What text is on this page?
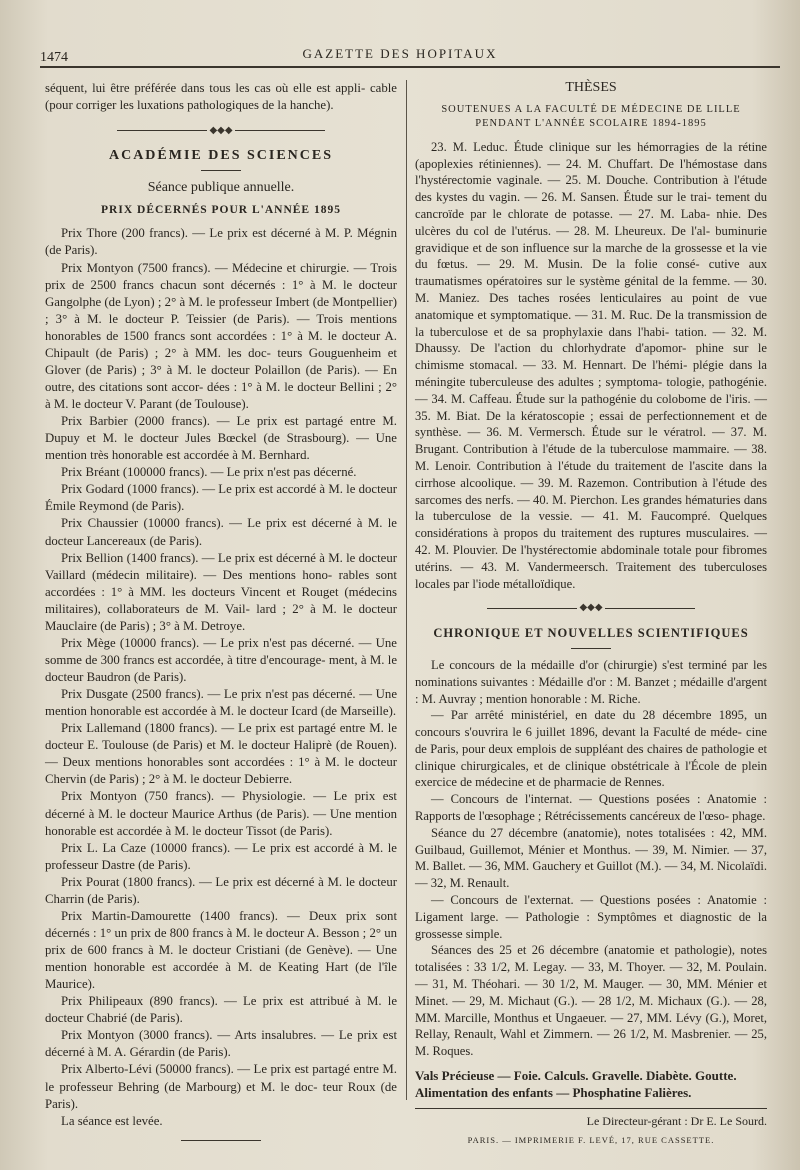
1474	GAZETTE DES HOPITAUX

séquent, lui être préférée dans tous les cas où elle est appli- cable (pour corriger les luxations pathologiques de la hanche).

◆◆◆
ACADÉMIE DES SCIENCES
Séance publique annuelle.
PRIX DÉCERNÉS POUR L'ANNÉE 1895

Prix Thore (200 francs). — Le prix est décerné à M. P. Mégnin (de Paris).

Prix Montyon (7500 francs). — Médecine et chirurgie. — Trois prix de 2500 francs chacun sont décernés : 1° à M. le docteur Gangolphe (de Lyon) ; 2° à M. le professeur Imbert (de Montpellier) ; 3° à M. le docteur P. Teissier (de Paris). — Trois mentions honorables de 1500 francs sont accordées : 1° à M. le docteur A. Chipault (de Paris) ; 2° à MM. les doc- teurs Gouguenheim et Glover (de Paris) ; 3° à M. le docteur Polaillon (de Paris). — En outre, des citations sont accor- dées : 1° à M. le docteur Bellini ; 2° à M. le docteur V. Parant (de Toulouse).

Prix Barbier (2000 francs). — Le prix est partagé entre M. Dupuy et M. le docteur Jules Bœckel (de Strasbourg). — Une mention très honorable est accordée à M. Bernhard.

Prix Bréant (100000 francs). — Le prix n'est pas décerné.

Prix Godard (1000 francs). — Le prix est accordé à M. le docteur Émile Reymond (de Paris).

Prix Chaussier (10000 francs). — Le prix est décerné à M. le docteur Lancereaux (de Paris).

Prix Bellion (1400 francs). — Le prix est décerné à M. le docteur Vaillard (médecin militaire). — Des mentions hono- rables sont accordées : 1° à MM. les docteurs Vincent et Rouget (médecins militaires), collaborateurs de M. Vail- lard ; 2° à M. le docteur Mauclaire (de Paris) ; 3° à M. Detroye.

Prix Mège (10000 francs). — Le prix n'est pas décerné. — Une somme de 300 francs est accordée, à titre d'encourage- ment, à M. le docteur Baudron (de Paris).

Prix Dusgate (2500 francs). — Le prix n'est pas décerné. — Une mention honorable est accordée à M. le docteur Icard (de Marseille).

Prix Lallemand (1800 francs). — Le prix est partagé entre M. le docteur E. Toulouse (de Paris) et M. le docteur Haliprè (de Rouen). — Deux mentions honorables sont accordées : 1° à M. le docteur Chervin (de Paris) ; 2° à M. le docteur Debierre.

Prix Montyon (750 francs). — Physiologie. — Le prix est décerné à M. le docteur Maurice Arthus (de Paris). — Une mention honorable est accordée à M. le docteur Tissot (de Paris).

Prix L. La Caze (10000 francs). — Le prix est accordé à M. le professeur Dastre (de Paris).

Prix Pourat (1800 francs). — Le prix est décerné à M. le docteur Charrin (de Paris).

Prix Martin-Damourette (1400 francs). — Deux prix sont décernés : 1° un prix de 800 francs à M. le docteur A. Besson ; 2° un prix de 600 francs à M. le docteur Cristiani (de Genève). — Une mention honorable est accordée à M. de Keating Hart (de l'île Maurice).

Prix Philipeaux (890 francs). — Le prix est attribué à M. le docteur Chabrié (de Paris).

Prix Montyon (3000 francs). — Arts insalubres. — Le prix est décerné à M. A. Gérardin (de Paris).

Prix Alberto-Lévi (50000 francs). — Le prix est partagé entre M. le professeur Behring (de Marbourg) et M. le doc- teur Roux (de Paris).

La séance est levée.

THÈSES
SOUTENUES A LA FACULTÉ DE MÉDECINE DE LILLE
PENDANT L'ANNÉE SCOLAIRE 1894-1895

23. M. Leduc. Étude clinique sur les hémorragies de la rétine (apoplexies rétiniennes). — 24. M. Chuffart. De l'hémostase dans l'hystérectomie vaginale. — 25. M. Douche. Contribution à l'étude des kystes du vagin. — 26. M. Sansen. Étude sur le trai- tement du cancroïde par le chlorate de potasse. — 27. M. Laba- nhie. Des ulcères du col de l'utérus. — 28. M. Lheureux. De l'al- buminurie gravidique et de son influence sur la marche de la grossesse et la vie du fœtus. — 29. M. Musin. De la folie consé- cutive aux traumatismes opératoires sur le système génital de la femme. — 30. M. Maniez. Des taches rosées lenticulaires au point de vue anatomique et symptomatique. — 31. M. Ruc. De la transmission de la tuberculose et de sa prophylaxie dans l'habi- tation. — 32. M. Dhaussy. De l'action du chlorhydrate d'apomor- phine sur le chimisme stomacal. — 33. M. Hennart. De l'hémi- plégie dans la méningite tuberculeuse des adultes ; symptoma- tologie, pathogénie. — 34. M. Caffeau. Étude sur la pathogénie du colobome de l'iris. — 35. M. Biat. De la kératoscopie ; essai de perfectionnement et de synthèse. — 36. M. Vermersch. Étude sur le vératrol. — 37. M. Brugant. Contribution à l'étude de la tuberculose mammaire. — 38. M. Lenoir. Contribution à l'étude du traitement de l'ascite dans la cirrhose alcoolique. — 39. M. Razemon. Contribution à l'étude des sarcomes des nerfs. — 40. M. Pierchon. Les grandes hématuries dans la tuberculose de la vessie. — 41. M. Faucompré. Quelques considérations à propos du traitement des ruptures musculaires. — 42. M. Plouvier. De l'hystérectomie abdominale totale pour fibromes utérins. — 43. M. Vandermeersch. Traitement des tuberculoses locales par l'iode métalloïdique.

◆◆◆
CHRONIQUE ET NOUVELLES SCIENTIFIQUES

Le concours de la médaille d'or (chirurgie) s'est terminé par les nominations suivantes : Médaille d'or : M. Banzet ; médaille d'argent : M. Auvray ; mention honorable : M. Riche.

— Par arrêté ministériel, en date du 28 décembre 1895, un concours s'ouvrira le 6 juillet 1896, devant la Faculté de méde- cine de Paris, pour deux emplois de suppléant des chaires de pathologie et clinique chirurgicales, et de clinique obstétricale à l'École de plein exercice de médecine et de pharmacie de Rennes.

— Concours de l'internat. — Questions posées : Anatomie : Rapports de l'œsophage ; Rétrécissements cancéreux de l'œso- phage.

Séance du 27 décembre (anatomie), notes totalisées : 42, MM. Guilbaud, Guillemot, Ménier et Monthus. — 39, M. Nimier. — 37, M. Ballet. — 36, MM. Gauchery et Guillot (M.). — 34, M. Nicolaïdi. — 32, M. Renault.

— Concours de l'externat. — Questions posées : Anatomie : Ligament large. — Pathologie : Symptômes et diagnostic de la grossesse simple.

Séances des 25 et 26 décembre (anatomie et pathologie), notes totalisées : 33 1/2, M. Legay. — 33, M. Thoyer. — 32, M. Poulain. — 31, M. Théohari. — 30 1/2, M. Mauger. — 30, MM. Ménier et Minet. — 29, M. Michaut (G.). — 28 1/2, M. Michaux (G.). — 28, MM. Marcille, Monthus et Ungaeuer. — 27, MM. Lévy (G.), Moret, Rellay, Renault, Wahl et Zimmern. — 26 1/2, M. Masbrenier. — 25, M. Roques.

Vals Précieuse — Foie. Calculs. Gravelle. Diabète. Goutte.

Alimentation des enfants — Phosphatine Falières.

Le Directeur-gérant : Dr E. Le Sourd.
PARIS. — IMPRIMERIE F. LEVÉ, 17, RUE CASSETTE.
